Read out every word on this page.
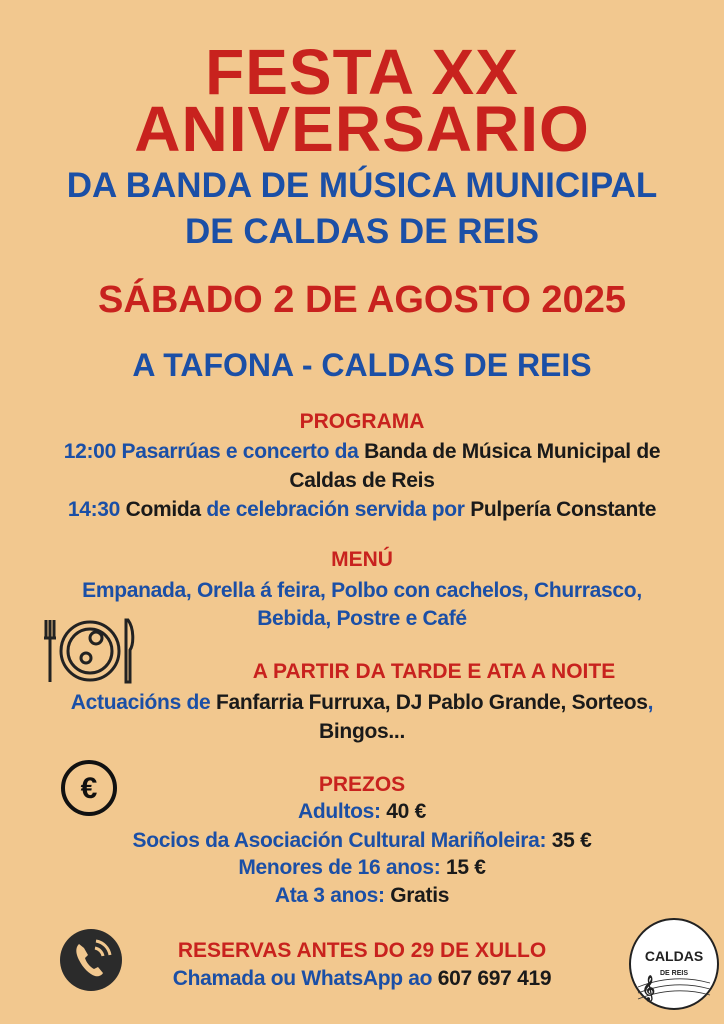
FESTA XX
ANIVERSARIO
DA BANDA DE MÚSICA MUNICIPAL
DE CALDAS DE REIS
SÁBADO 2 DE AGOSTO 2025
A TAFONA - CALDAS DE REIS
PROGRAMA
12:00 Pasarrúas e concerto da Banda de Música Municipal de
Caldas de Reis
14:30 Comida de celebración servida por Pulpería Constante
MENÚ
Empanada, Orella á feira, Polbo con cachelos, Churrasco,
Bebida, Postre e Café
A PARTIR DA TARDE E ATA A NOITE
Actuacións de Fanfarria Furruxa, DJ Pablo Grande, Sorteos,
Bingos...
€	PREZOS
Adultos: 40 €
Socios da Asociación Cultural Mariñoleira: 35 €
Menores de 16 anos: 15 €
Ata 3 anos: Gratis
RESERVAS ANTES DO 29 DE XULLO
Chamada ou WhatsApp ao 607 697 419
CALDAS
DE REIS
𝄞
